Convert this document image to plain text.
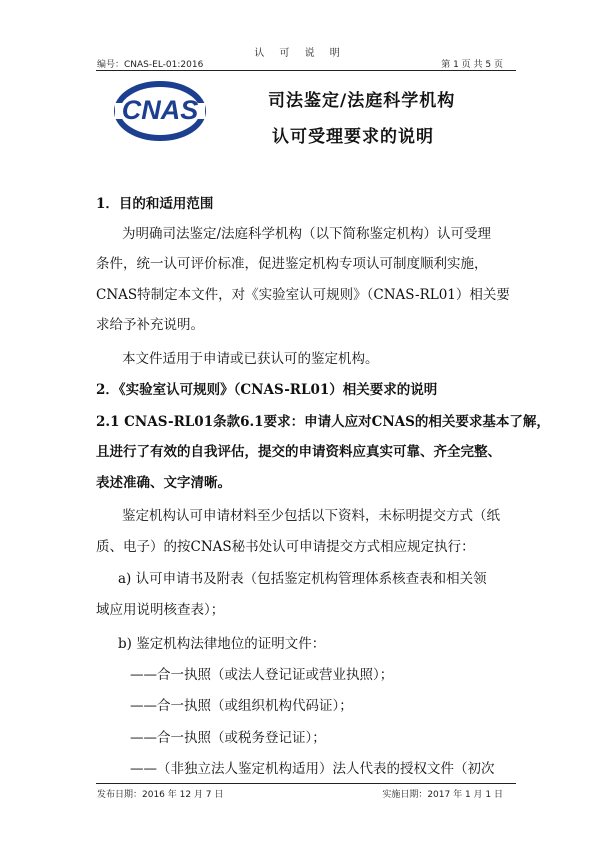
认 可 说 明
编号：CNAS-EL-01:2016	第 1 页 共 5 页
CNAS	司法鉴定/法庭科学机构
认可受理要求的说明
1．目的和适用范围
为明确司法鉴定/法庭科学机构（以下简称鉴定机构）认可受理
条件，统一认可评价标准，促进鉴定机构专项认可制度顺利实施，
CNAS特制定本文件，对《实验室认可规则》（CNAS-RL01）相关要
求给予补充说明。
本文件适用于申请或已获认可的鉴定机构。
2．《实验室认可规则》（CNAS-RL01）相关要求的说明
2.1 CNAS-RL01条款6.1要求：申请人应对CNAS的相关要求基本了解，
且进行了有效的自我评估，提交的申请资料应真实可靠、齐全完整、
表述准确、文字清晰。
鉴定机构认可申请材料至少包括以下资料，未标明提交方式（纸
质、电子）的按CNAS秘书处认可申请提交方式相应规定执行：
a) 认可申请书及附表（包括鉴定机构管理体系核查表和相关领
域应用说明核查表）；
b) 鉴定机构法律地位的证明文件：
——合一执照（或法人登记证或营业执照）；
——合一执照（或组织机构代码证）；
——合一执照（或税务登记证）；
——（非独立法人鉴定机构适用）法人代表的授权文件（初次
发布日期：2016 年 12 月 7 日	实施日期：2017 年 1 月 1 日
